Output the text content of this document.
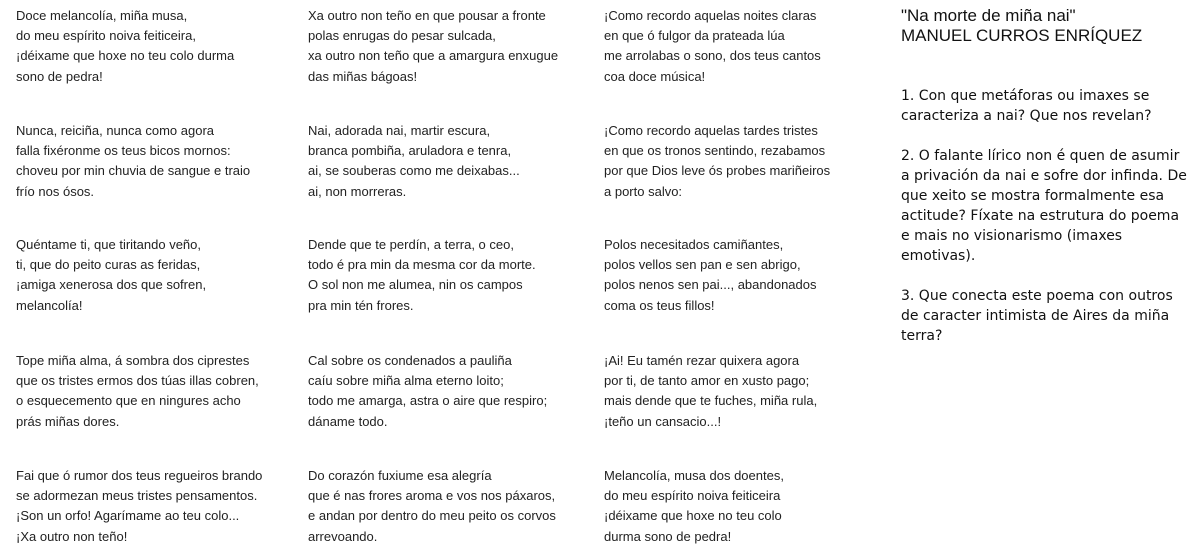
Doce melancolía, miña musa,
do meu espírito noiva feiticeira,
¡déixame que hoxe no teu colo durma
sono de pedra!
Nunca, reiciña, nunca como agora
falla fixéronme os teus bicos mornos:
choveu por min chuvia de sangue e traio
frío nos ósos.
Quéntame ti, que tiritando veño,
ti, que do peito curas as feridas,
¡amiga xenerosa dos que sofren,
melancolía!
Tope miña alma, á sombra dos ciprestes
que os tristes ermos dos túas illas cobren,
o esquecemento que en ningures acho
prás miñas dores.
Fai que ó rumor dos teus regueiros brando
se adormezan meus tristes pensamentos.
¡Son un orfo! Agarímame ao teu colo...
¡Xa outro non teño!
Xa outro non teño en que pousar a fronte
polas enrugas do pesar sulcada,
xa outro non teño que a amargura enxugue
das miñas bágoas!
Nai, adorada nai, martir escura,
branca pombiña, aruladora e tenra,
ai, se souberas como me deixabas...
ai, non morreras.
Dende que te perdín, a terra, o ceo,
todo é pra min da mesma cor da morte.
O sol non me alumea, nin os campos
pra min tén frores.
Cal sobre os condenados a pauliña
caíu sobre miña alma eterno loito;
todo me amarga, astra o aire que respiro;
dáname todo.
Do corazón fuxiume esa alegría
que é nas frores aroma e vos nos páxaros,
e andan por dentro do meu peito os corvos
arrevoando.
¡Como recordo aquelas noites claras
en que ó fulgor da prateada lúa
me arrolabas o sono, dos teus cantos
coa doce música!
¡Como recordo aquelas tardes tristes
en que os tronos sentindo, rezabamos
por que Dios leve ós probes mariñeiros
a porto salvo:
Polos necesitados camiñantes,
polos vellos sen pan e sen abrigo,
polos nenos sen pai..., abandonados
coma os teus fillos!
¡Ai! Eu tamén rezar quixera agora
por ti, de tanto amor en xusto pago;
mais dende que te fuches, miña rula,
¡teño un cansacio...!
Melancolía, musa dos doentes,
do meu espírito noiva feiticeira
¡déixame que hoxe no teu colo
durma sono de pedra!
"Na morte de miña nai"
MANUEL CURROS ENRÍQUEZ

1. Con que metáforas ou imaxes se caracteriza a nai? Que nos revelan?

2. O falante lírico non é quen de asumir a privación da nai e sofre dor infinda. De que xeito se mostra formalmente esa actitude? Fíxate na estrutura do poema e mais no visionarismo (imaxes emotivas).

3. Que conecta este poema con outros de caracter intimista de Aires da miña terra?
